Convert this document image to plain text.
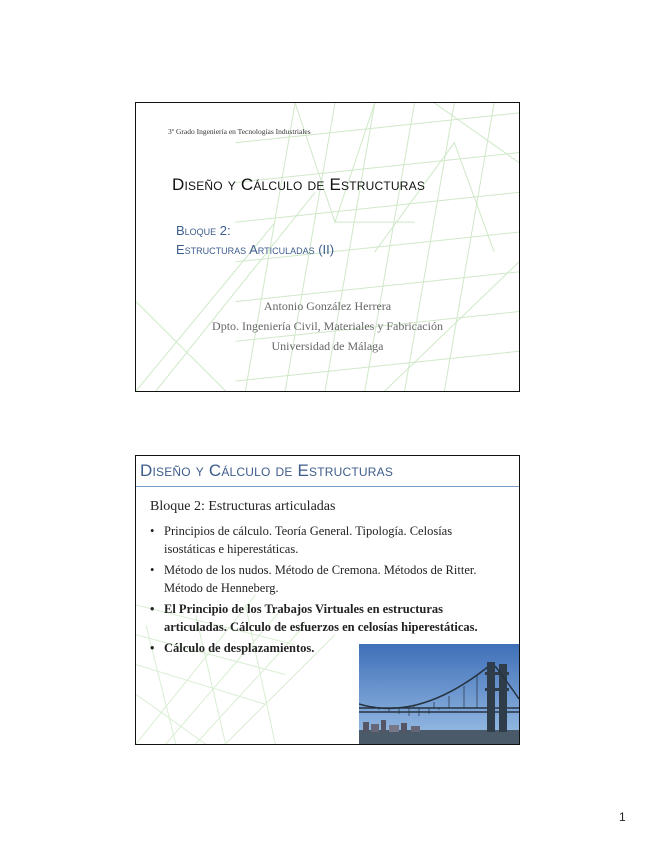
3º Grado Ingeniería en Tecnologías Industriales
Diseño y Cálculo de Estructuras
Bloque 2:
Estructuras Articuladas (II)
Antonio González Herrera
Dpto. Ingeniería Civil, Materiales y Fabricación
Universidad de Málaga
Diseño y Cálculo de Estructuras
Bloque 2: Estructuras articuladas
• Principios de cálculo. Teoría General. Tipología. Celosías isostáticas e hiperestáticas.
• Método de los nudos. Método de Cremona. Métodos de Ritter. Método de Henneberg.
• El Principio de los Trabajos Virtuales en estructuras articuladas. Cálculo de esfuerzos en celosías hiperestáticas.
• Cálculo de desplazamientos.
1
